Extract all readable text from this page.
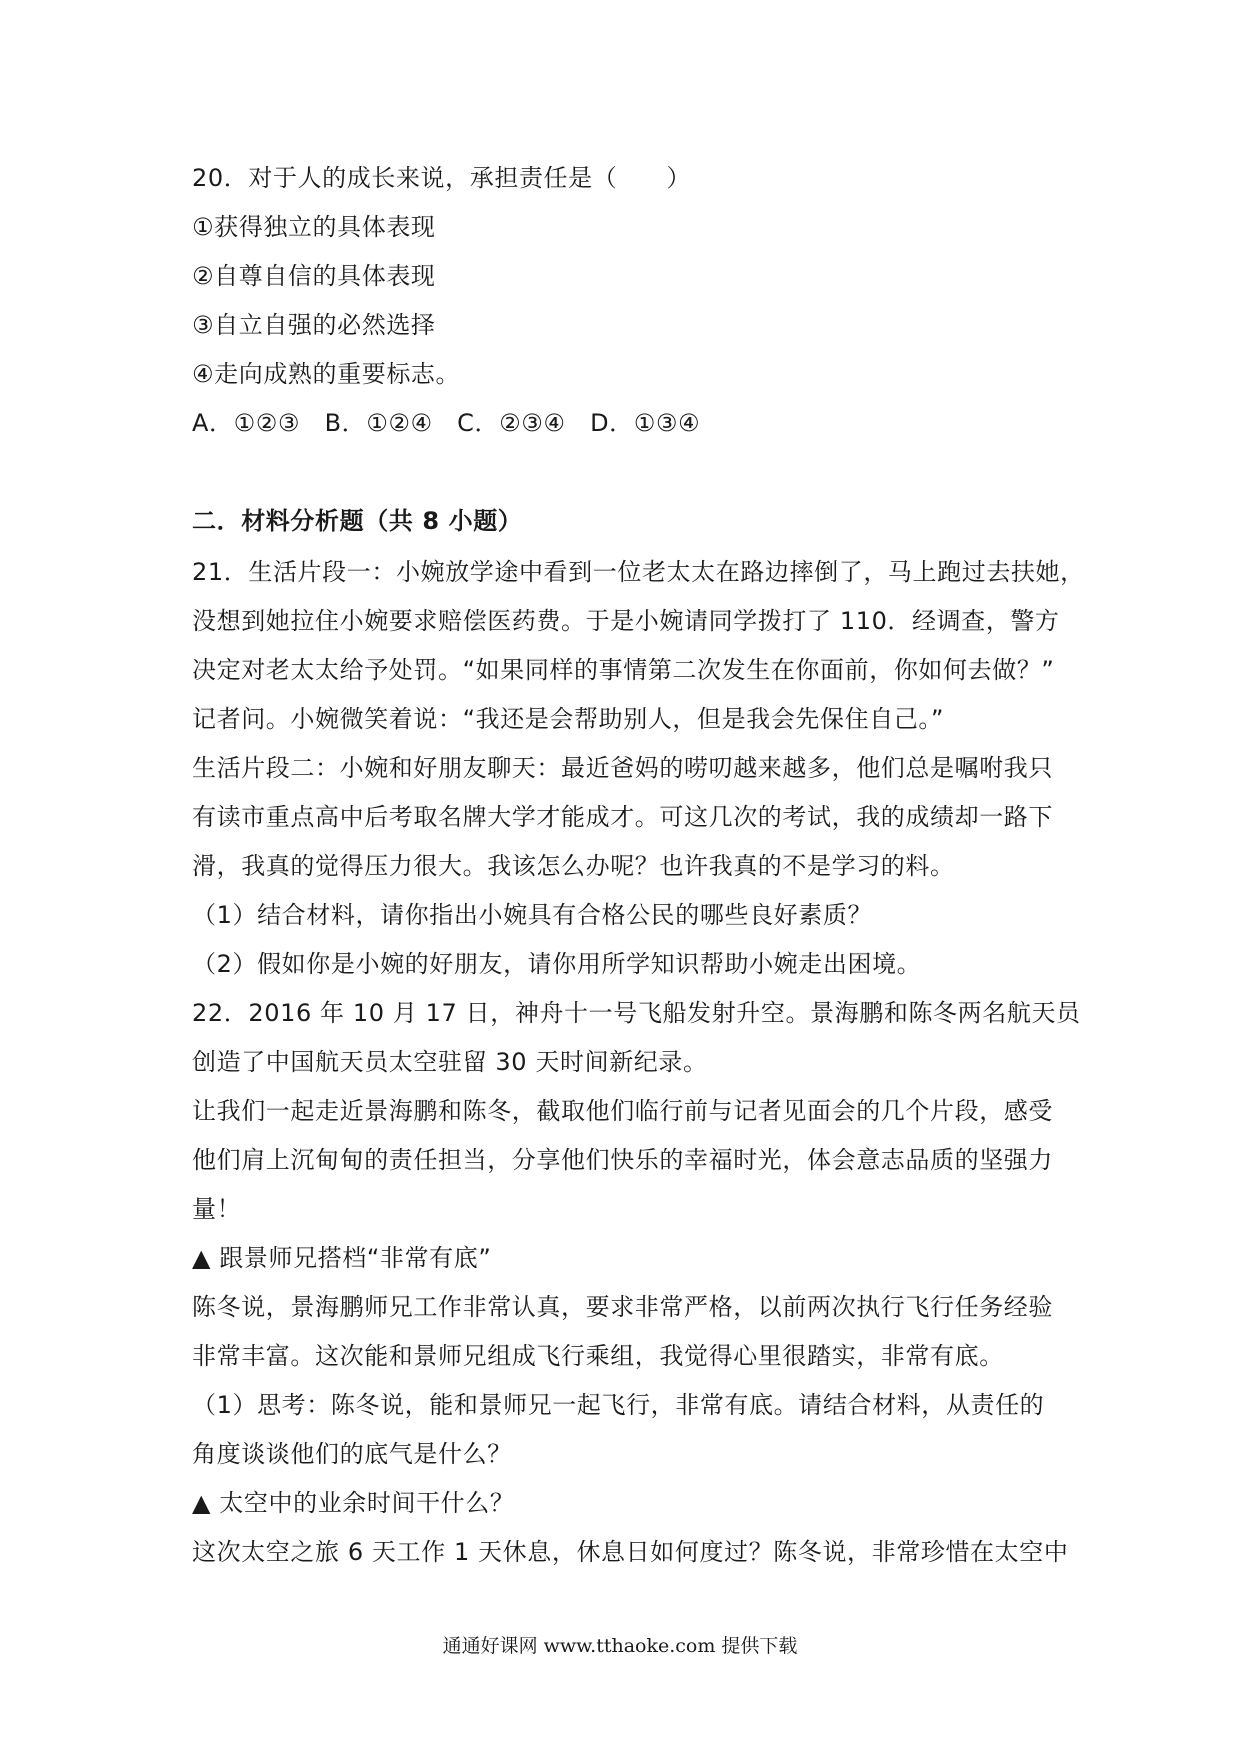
20．对于人的成长来说，承担责任是（　　）
①获得独立的具体表现
②自尊自信的具体表现
③自立自强的必然选择
④走向成熟的重要标志。
A．①②③　B．①②④　C．②③④　D．①③④
二．材料分析题（共 8 小题）
21．生活片段一：小婉放学途中看到一位老太太在路边摔倒了，马上跑过去扶她，
没想到她拉住小婉要求赔偿医药费。于是小婉请同学拨打了 110．经调查，警方
决定对老太太给予处罚。“如果同样的事情第二次发生在你面前，你如何去做？”
记者问。小婉微笑着说：“我还是会帮助别人，但是我会先保住自己。”
生活片段二：小婉和好朋友聊天：最近爸妈的唠叨越来越多，他们总是嘱咐我只
有读市重点高中后考取名牌大学才能成才。可这几次的考试，我的成绩却一路下
滑，我真的觉得压力很大。我该怎么办呢？也许我真的不是学习的料。
（1）结合材料，请你指出小婉具有合格公民的哪些良好素质？
（2）假如你是小婉的好朋友，请你用所学知识帮助小婉走出困境。
22．2016 年 10 月 17 日，神舟十一号飞船发射升空。景海鹏和陈冬两名航天员
创造了中国航天员太空驻留 30 天时间新纪录。
让我们一起走近景海鹏和陈冬，截取他们临行前与记者见面会的几个片段，感受
他们肩上沉甸甸的责任担当，分享他们快乐的幸福时光，体会意志品质的坚强力
量！
▲ 跟景师兄搭档“非常有底”
陈冬说，景海鹏师兄工作非常认真，要求非常严格，以前两次执行飞行任务经验
非常丰富。这次能和景师兄组成飞行乘组，我觉得心里很踏实，非常有底。
（1）思考：陈冬说，能和景师兄一起飞行，非常有底。请结合材料，从责任的
角度谈谈他们的底气是什么？
▲ 太空中的业余时间干什么？
这次太空之旅 6 天工作 1 天休息，休息日如何度过？陈冬说，非常珍惜在太空中
通通好课网 www.tthaoke.com 提供下载
